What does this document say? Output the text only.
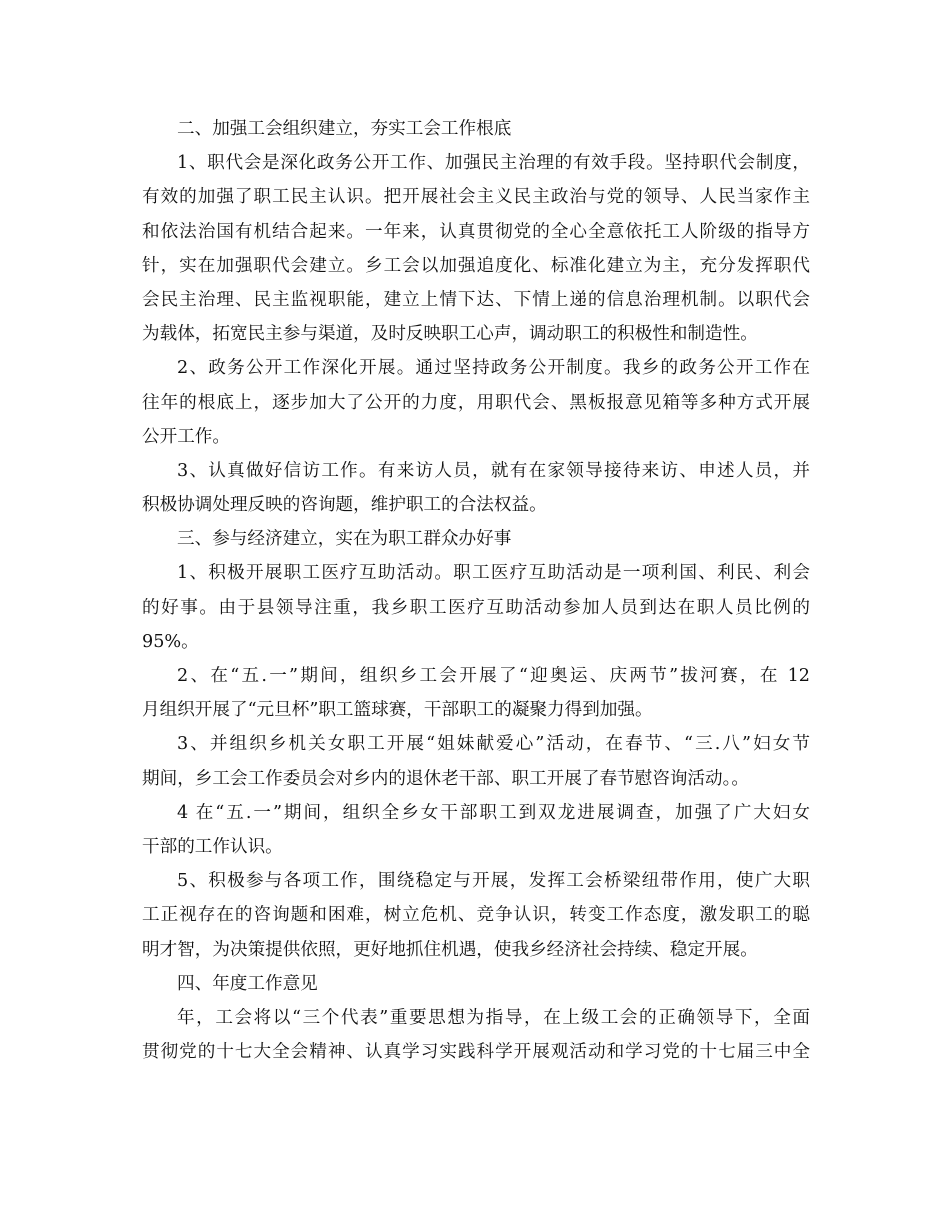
二、加强工会组织建立，夯实工会工作根底
1、职代会是深化政务公开工作、加强民主治理的有效手段。坚持职代会制度，
有效的加强了职工民主认识。把开展社会主义民主政治与党的领导、人民当家作主
和依法治国有机结合起来。一年来，认真贯彻党的全心全意依托工人阶级的指导方
针，实在加强职代会建立。乡工会以加强追度化、标准化建立为主，充分发挥职代
会民主治理、民主监视职能，建立上情下达、下情上递的信息治理机制。以职代会
为载体，拓宽民主参与渠道，及时反映职工心声，调动职工的积极性和制造性。
2、政务公开工作深化开展。通过坚持政务公开制度。我乡的政务公开工作在
往年的根底上，逐步加大了公开的力度，用职代会、黑板报意见箱等多种方式开展
公开工作。
3、认真做好信访工作。有来访人员，就有在家领导接待来访、申述人员，并
积极协调处理反映的咨询题，维护职工的合法权益。
三、参与经济建立，实在为职工群众办好事
1、积极开展职工医疗互助活动。职工医疗互助活动是一项利国、利民、利会
的好事。由于县领导注重，我乡职工医疗互助活动参加人员到达在职人员比例的
95%。
2、在“五.一”期间，组织乡工会开展了“迎奥运、庆两节”拔河赛，在 12
月组织开展了“元旦杯”职工篮球赛，干部职工的凝聚力得到加强。
3、并组织乡机关女职工开展“姐妹献爱心”活动，在春节、“三.八”妇女节
期间，乡工会工作委员会对乡内的退休老干部、职工开展了春节慰咨询活动。。
4 在“五.一”期间，组织全乡女干部职工到双龙进展调查，加强了广大妇女
干部的工作认识。
5、积极参与各项工作，围绕稳定与开展，发挥工会桥梁纽带作用，使广大职
工正视存在的咨询题和困难，树立危机、竞争认识，转变工作态度，激发职工的聪
明才智，为决策提供依照，更好地抓住机遇，使我乡经济社会持续、稳定开展。
四、年度工作意见
年，工会将以“三个代表”重要思想为指导，在上级工会的正确领导下，全面
贯彻党的十七大全会精神、认真学习实践科学开展观活动和学习党的十七届三中全
